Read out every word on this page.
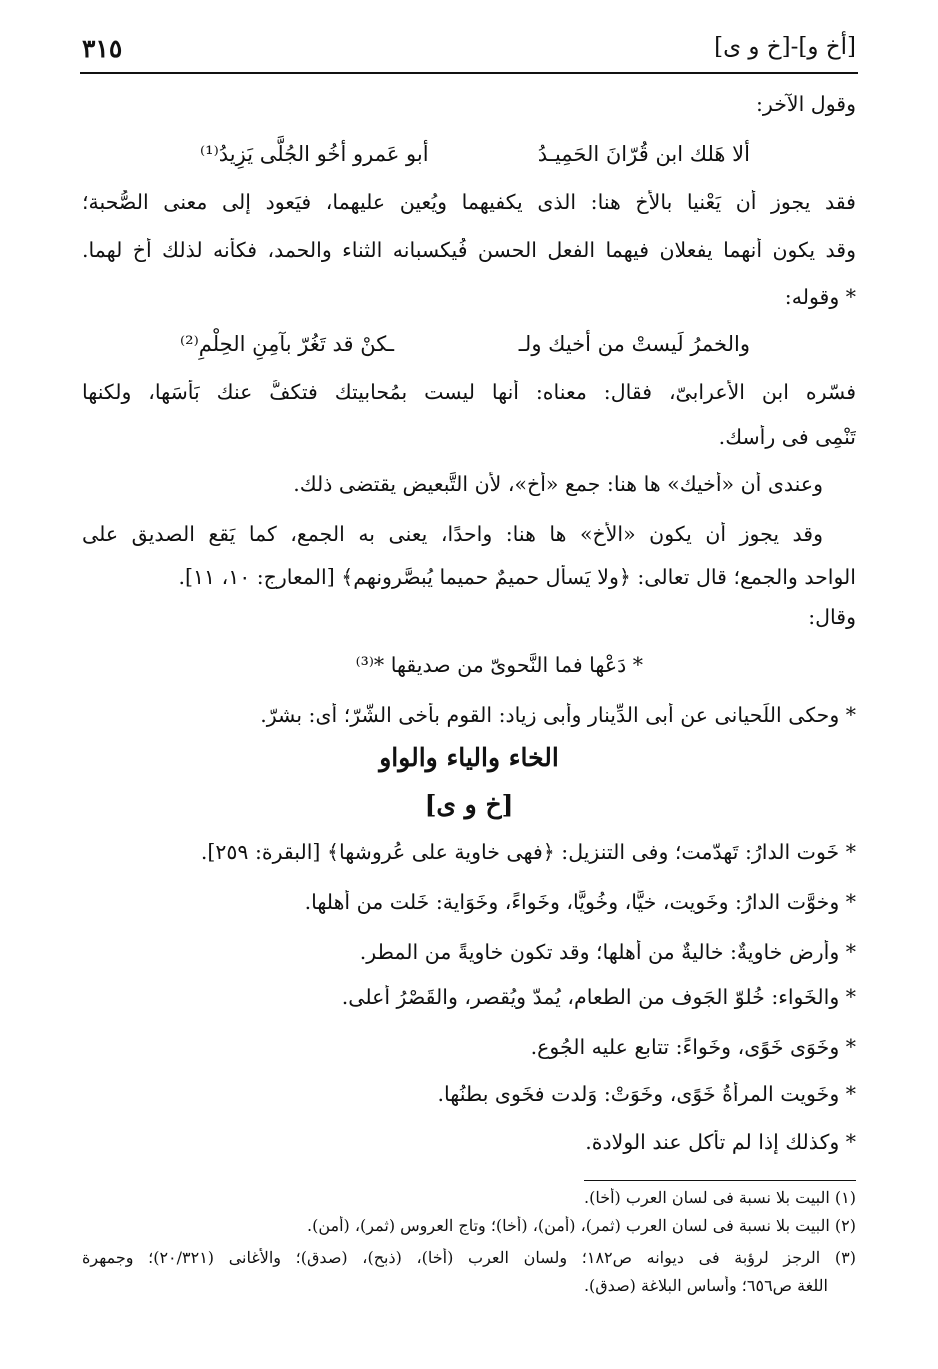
[أخ و]-[خ و ى]
٣١٥
وقول الآخر:
ألا هَلك ابن قُرّانَ الحَمِيـدُ
أبو عَمرو أخُو الجُلَّى يَزِيدُ⁽¹⁾
فقد يجوز أن يَعْنيا بالأخ هنا: الذى يكفيهما ويُعين عليهما، فيَعود إلى معنى الصُّحبة؛
وقد يكون أنهما يفعلان فيهما الفعل الحسن فُيكسبانه الثناء والحمد، فكأنه لذلك أخ لهما.
* وقوله:
والخمرُ لَيستْ من أخيك ولـ
ـكنْ قد تَغُرّ بآمِنِ الحِلْمِ⁽²⁾
فسّره ابن الأعرابىّ، فقال: معناه: أنها ليست بمُحابيتك فتكفُّ عنك بَأسَها، ولكنها
تَنْمِى فى رأسك.
وعندى أن «أخيك» ها هنا: جمع «أخ»، لأن التَّبعيض يقتضى ذلك.
وقد يجوز أن يكون «الأخ» ها هنا: واحدًا، يعنى به الجمع، كما يَقع الصديق على
الواحد والجمع؛ قال تعالى: ﴿ولا يَسأل حميمٌ حميما يُبصَّرونهم﴾ [المعارج: ١٠، ١١].
وقال:
* دَعْها فما النَّحوىّ من صديقها *⁽³⁾
* وحكى اللِّحيانى عن أبى الدِّينار وأبى زياد: القوم بأخى الشّرّ؛ أى: بشرّ.
الخاء والياء والواو
[خ و ى]
* خَوت الدارُ: تَهدّمت؛ وفى التنزيل: ﴿فهى خاوية على عُروشها﴾ [البقرة: ٢٥٩].
* وخوَّت الدارُ: وخَويت، خيًّا، وخُويًّا، وخَواءً، وخَوَاية: خَلت من أهلها.
* وأرض خاويةٌ: خاليةٌ من أهلها؛ وقد تكون خاويةً من المطر.
* والخَواء: خُلوّ الجَوف من الطعام، يُمدّ ويُقصر، والقَصْرُ أعلى.
* وخَوَى خَوًى، وخَواءً: تتابع عليه الجُوع.
* وخَويت المرأةُ خَوًى، وخَوَتْ: وَلدت فخَوى بطنُها.
* وكذلك إذا لم تأكل عند الولادة.
(١) البيت بلا نسبة فى لسان العرب (أخا).
(٢) البيت بلا نسبة فى لسان العرب (ثمر)، (أمن)، (أخا)؛ وتاج العروس (ثمر)، (أمن).
(٣) الرجز لرؤبة فى ديوانه ص١٨٢؛ ولسان العرب (أخا)، (ذبح)، (صدق)؛ والأغانى (٢٠/٣٢١)؛ وجمهرة
اللغة ص٦٥٦؛ وأساس البلاغة (صدق).
